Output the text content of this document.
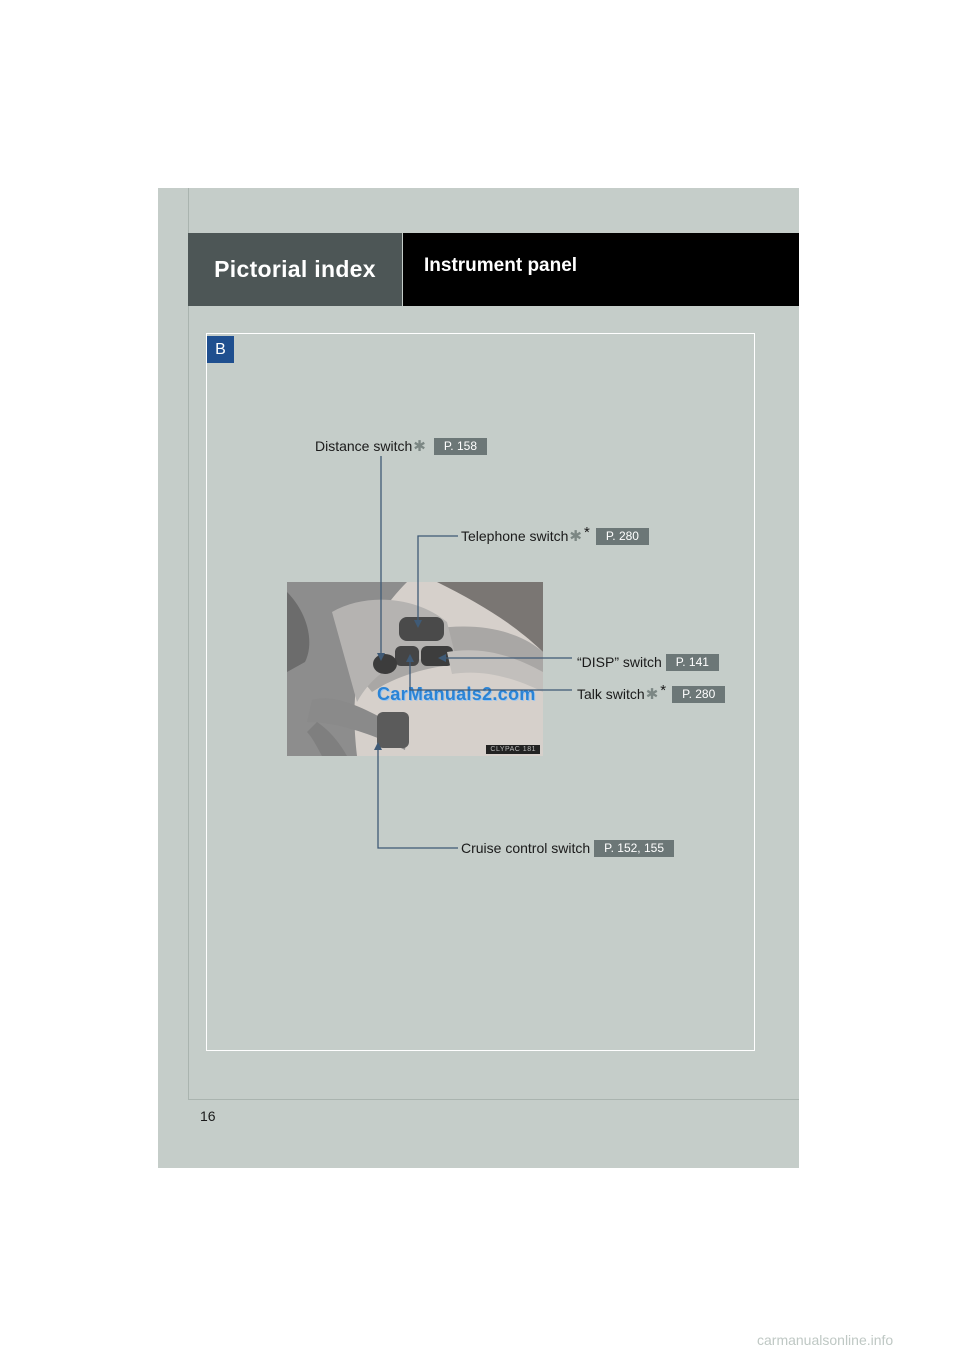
Pictorial index	Instrument panel
B
CLYPAC 181
CarManuals2.com
Distance switch ✱	P. 158
Telephone switch ✱ *	P. 280
“DISP” switch	P. 141
Talk switch ✱ *	P. 280
Cruise control switch	P. 152, 155
16
carmanualsonline.info
